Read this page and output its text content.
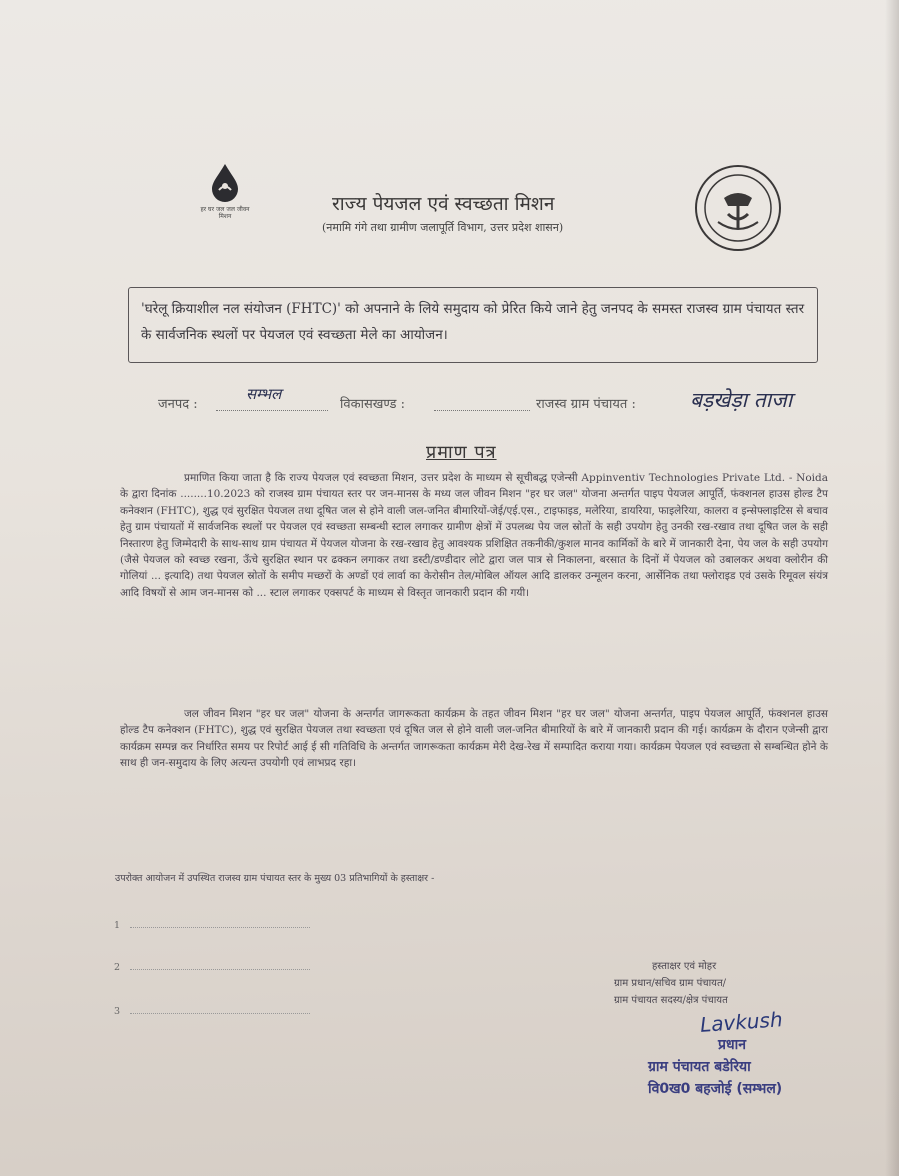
हर घर जल जल जीवन मिशन
राज्य पेयजल एवं स्वच्छता मिशन
(नमामि गंगे तथा ग्रामीण जलापूर्ति विभाग, उत्तर प्रदेश शासन)
'घरेलू क्रियाशील नल संयोजन (FHTC)' को अपनाने के लिये समुदाय को प्रेरित किये जाने हेतु जनपद के समस्त राजस्व ग्राम पंचायत स्तर के सार्वजनिक स्थलों पर पेयजल एवं स्वच्छता मेले का आयोजन।
जनपद :
सम्भल
विकासखण्ड :	राजस्व ग्राम पंचायत :	बड़खेड़ा ताजा
प्रमाण पत्र
प्रमाणित किया जाता है कि राज्य पेयजल एवं स्वच्छता मिशन, उत्तर प्रदेश के माध्यम से सूचीबद्ध एजेन्सी Appinventiv Technologies Private Ltd. - Noida के द्वारा दिनांक ........10.2023 को राजस्व ग्राम पंचायत स्तर पर जन-मानस के मध्य जल जीवन मिशन "हर घर जल" योजना अन्तर्गत पाइप पेयजल आपूर्ति, फंक्शनल हाउस होल्ड टैप कनेक्शन (FHTC), शुद्ध एवं सुरक्षित पेयजल तथा दूषित जल से होने वाली जल-जनित बीमारियों-जेई/एई.एस., टाइफाइड, मलेरिया, डायरिया, फाइलेरिया, कालरा व इन्सेफ्लाइटिस से बचाव हेतु ग्राम पंचायतों में सार्वजनिक स्थलों पर पेयजल एवं स्वच्छता सम्बन्धी स्टाल लगाकर ग्रामीण क्षेत्रों में उपलब्ध पेय जल स्रोतों के सही उपयोग हेतु उनकी रख-रखाव तथा दूषित जल के सही निस्तारण हेतु जिम्मेदारी के साथ-साथ ग्राम पंचायत में पेयजल योजना के रख-रखाव हेतु आवश्यक प्रशिक्षित तकनीकी/कुशल मानव कार्मिकों के बारे में जानकारी देना, पेय जल के सही उपयोग (जैसे पेयजल को स्वच्छ रखना, ऊँचे सुरक्षित स्थान पर ढक्कन लगाकर तथा डस्टी/डण्डीदार लोटे द्वारा जल पात्र से निकालना, बरसात के दिनों में पेयजल को उबालकर अथवा क्लोरीन की गोलियां ... इत्यादि) तथा पेयजल स्रोतों के समीप मच्छरों के अण्डों एवं लार्वा का केरोसीन तेल/मोबिल ऑयल आदि डालकर उन्मूलन करना, आर्सेनिक तथा फ्लोराइड एवं उसके रिमूवल संयंत्र आदि विषयों से आम जन-मानस को ... स्टाल लगाकर एक्सपर्ट के माध्यम से विस्तृत जानकारी प्रदान की गयी।
जल जीवन मिशन "हर घर जल" योजना के अन्तर्गत जागरूकता कार्यक्रम के तहत जीवन मिशन "हर घर जल" योजना अन्तर्गत, पाइप पेयजल आपूर्ति, फंक्शनल हाउस होल्ड टैप कनेक्शन (FHTC), शुद्ध एवं सुरक्षित पेयजल तथा स्वच्छता एवं दूषित जल से होने वाली जल-जनित बीमारियों के बारे में जानकारी प्रदान की गई। कार्यक्रम के दौरान एजेन्सी द्वारा कार्यक्रम सम्पन्न कर निर्धारित समय पर रिपोर्ट आई ई सी गतिविधि के अन्तर्गत जागरूकता कार्यक्रम मेरी देख-रेख में सम्पादित कराया गया। कार्यक्रम पेयजल एवं स्वच्छता से सम्बन्धित होने के साथ ही जन-समुदाय के लिए अत्यन्त उपयोगी एवं लाभप्रद रहा।
उपरोक्त आयोजन में उपस्थित राजस्व ग्राम पंचायत स्तर के मुख्य 03 प्रतिभागियों के हस्ताक्षर -
1
2
3
हस्ताक्षर एवं मोहर
ग्राम प्रधान/सचिव ग्राम पंचायत/
ग्राम पंचायत सदस्य/क्षेत्र पंचायत
Lavkush
प्रधान
ग्राम पंचायत बडेरिया
वि0ख0 बहजोई (सम्भल)
